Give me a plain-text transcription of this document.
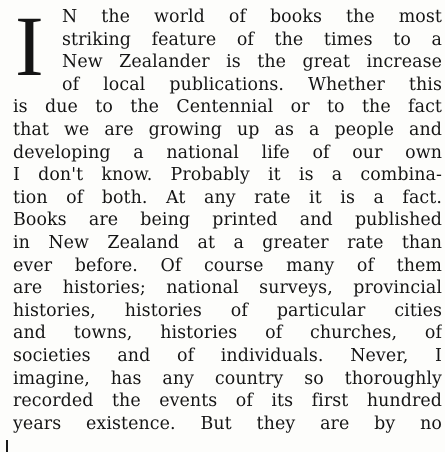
I N the world of books the most
striking feature of the times to a
New Zealander is the great increase
of local publications. Whether this
is due to the Centennial or to the fact
that we are growing up as a people and
developing a national life of our own
I don't know. Probably it is a combina-
tion of both. At any rate it is a fact.
Books are being printed and published
in New Zealand at a greater rate than
ever before. Of course many of them
are histories; national surveys, provincial
histories, histories of particular cities
and towns, histories of churches, of
societies and of individuals. Never, I
imagine, has any country so thoroughly
recorded the events of its first hundred
years existence. But they are by no
